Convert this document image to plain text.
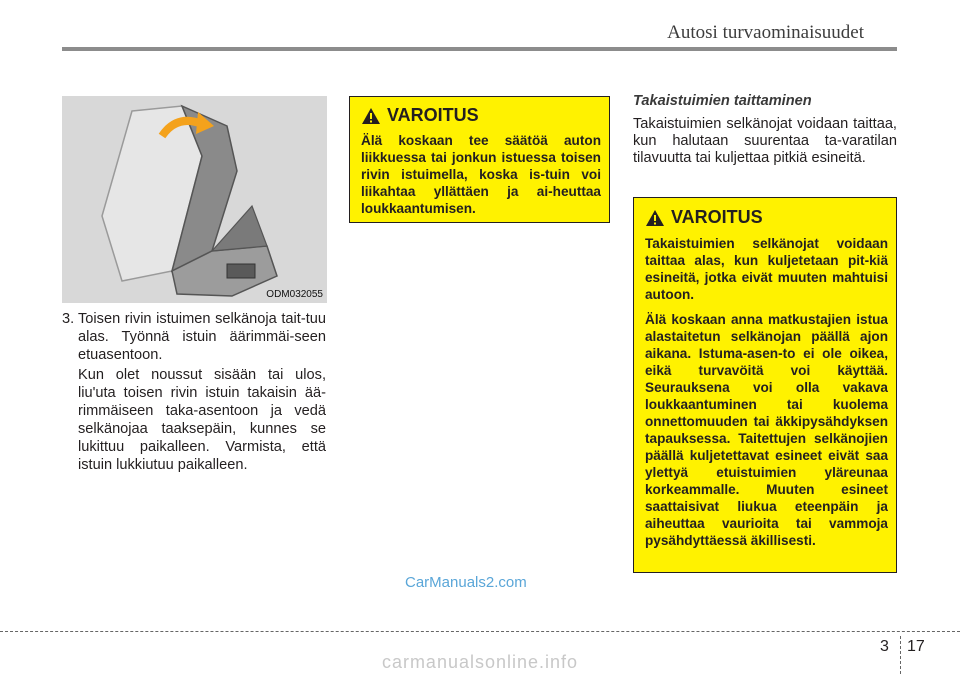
Autosi turvaominaisuudet
ODM032055
3. Toisen rivin istuimen selkänoja tait-tuu alas. Työnnä istuin äärimmäi-seen etuasentoon.
Kun olet noussut sisään tai ulos, liu'uta toisen rivin istuin takaisin ää-rimmäiseen taka-asentoon ja vedä selkänojaa taaksepäin, kunnes se lukittuu paikalleen. Varmista, että istuin lukkiutuu paikalleen.
VAROITUS
Älä koskaan tee säätöä auton liikkuessa tai jonkun istuessa toisen rivin istuimella, koska is-tuin voi liikahtaa yllättäen ja ai-heuttaa loukkaantumisen.
Takaistuimien taittaminen
Takaistuimien selkänojat voidaan taittaa, kun halutaan suurentaa ta-varatilan tilavuutta tai kuljettaa pitkiä esineitä.
VAROITUS

Takaistuimien selkänojat voidaan taittaa alas, kun kuljetetaan pit-kiä esineitä, jotka eivät muuten mahtuisi autoon.

Älä koskaan anna matkustajien istua alastaitetun selkänojan päällä ajon aikana. Istuma-asen-to ei ole oikea, eikä turvavöitä voi käyttää. Seurauksena voi olla vakava loukkaantuminen tai kuolema onnettomuuden tai äkkipysähdyksen tapauksessa. Taitettujen selkänojien päällä kuljetettavat esineet eivät saa ylettyä etuistuimien yläreunaa korkeammalle. Muuten esineet saattaisivat liukua eteenpäin ja aiheuttaa vaurioita tai vammoja pysähdyttäessä äkillisesti.

CarManuals2.com
3 17
carmanualsonline.info
